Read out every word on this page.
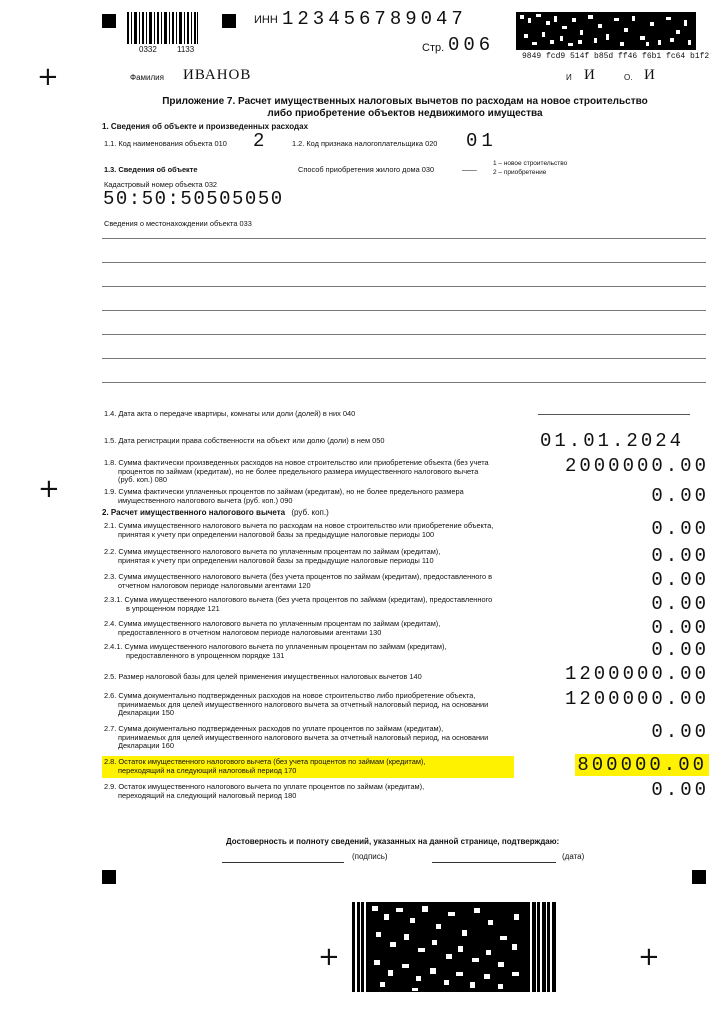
+
+
+	+
0332	1133
ИНН 123456789047
Стр. 006
9849 fcd9 514f b85d ff46 f6b1 fc64 b1f2
Фамилия ИВАНОВ	И И	О. И
Приложение 7. Расчет имущественных налоговых вычетов по расходам на новое строительство
либо приобретение объектов недвижимого имущества
1. Сведения об объекте и произведенных расходах
1.1. Код наименования объекта 010 2	1.2. Код признака налогоплательщика 020 01
1.3. Сведения об объекте	Способ приобретения жилого дома 030	——
1 – новое строительство
2 – приобретение
Кадастровый номер объекта 032
50:50:50505050
Сведения о местонахождении объекта 033
1.4. Дата акта о передаче квартиры, комнаты или доли (долей) в них 040
1.5. Дата регистрации права собственности на объект или долю (доли) в нем 050	01.01.2024
1.8. Сумма фактически произведенных расходов на новое строительство или приобретение объекта (без учета
процентов по займам (кредитам), но не более предельного размера имущественного налогового вычета
(руб. коп.) 080
2000000.00
1.9. Сумма фактически уплаченных процентов по займам (кредитам), но не более предельного размера
имущественного налогового вычета (руб. коп.) 090	0.00
2. Расчет имущественного налогового вычета (руб. коп.)
2.1. Сумма имущественного налогового вычета по расходам на новое строительство или приобретение объекта,
принятая к учету при определении налоговой базы за предыдущие налоговые периоды 100	0.00
2.2. Сумма имущественного налогового вычета по уплаченным процентам по займам (кредитам),
принятая к учету при определении налоговой базы за предыдущие налоговые периоды 110	0.00
2.3. Сумма имущественного налогового вычета (без учета процентов по займам (кредитам), предоставленного в
отчетном налоговом периоде налоговыми агентами 120	0.00
2.3.1. Сумма имущественного налогового вычета (без учета процентов по займам (кредитам), предоставленного
в упрощенном порядке 121	0.00
2.4. Сумма имущественного налогового вычета по уплаченным процентам по займам (кредитам),
предоставленного в отчетном налоговом периоде налоговыми агентами 130	0.00
2.4.1. Сумма имущественного налогового вычета по уплаченным процентам по займам (кредитам),
предоставленного в упрощенном порядке 131	0.00
2.5. Размер налоговой базы для целей применения имущественных налоговых вычетов 140	1200000.00
2.6. Сумма документально подтвержденных расходов на новое строительство либо приобретение объекта,
принимаемых для целей имущественного налогового вычета за отчетный налоговый период, на основании
Декларации 150
1200000.00
2.7. Сумма документально подтвержденных расходов по уплате процентов по займам (кредитам),
принимаемых для целей имущественного налогового вычета за отчетный налоговый период, на основании
Декларации 160
0.00
2.8. Остаток имущественного налогового вычета (без учета процентов по займам (кредитам),
переходящий на следующий налоговый период 170	800000.00
2.9. Остаток имущественного налогового вычета по уплате процентов по займам (кредитам),
переходящий на следующий налоговый период 180	0.00
Достоверность и полноту сведений, указанных на данной странице, подтверждаю:
(подпись)	(дата)
